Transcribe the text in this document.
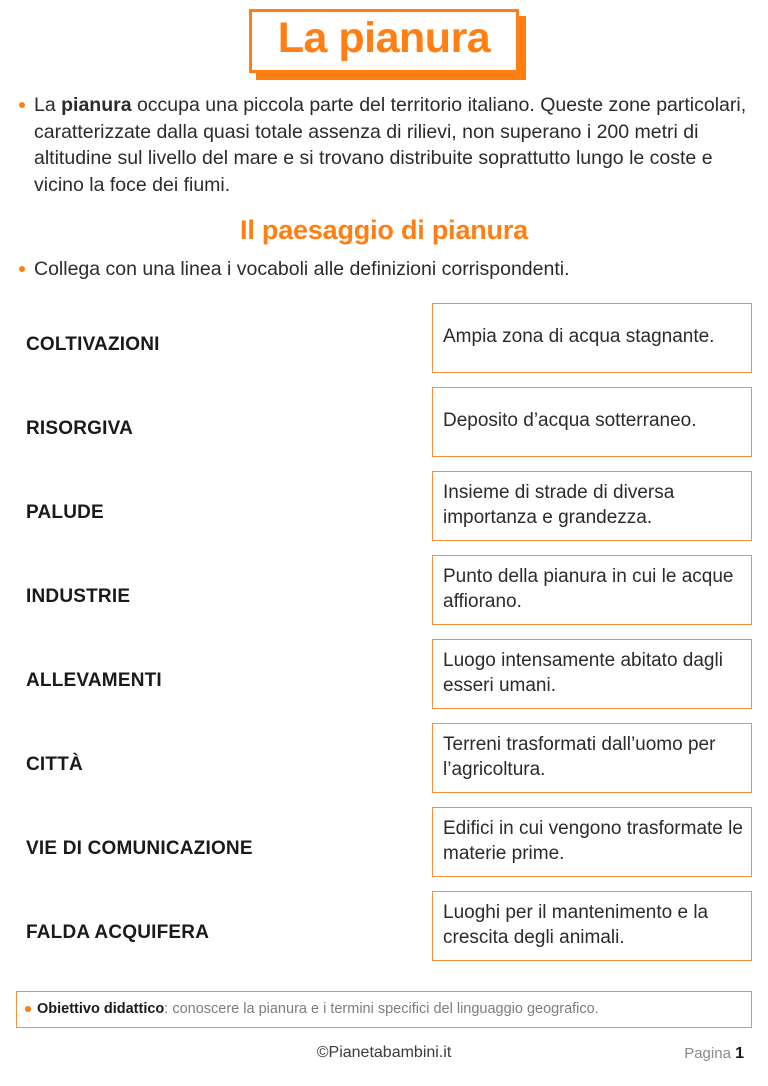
La pianura
La pianura occupa una piccola parte del territorio italiano. Queste zone particolari, caratterizzate dalla quasi totale assenza di rilievi, non superano i 200 metri di altitudine sul livello del mare e si trovano distribuite soprattutto lungo le coste e vicino la foce dei fiumi.
Il paesaggio di pianura
Collega con una linea i vocaboli alle definizioni corrispondenti.
COLTIVAZIONI
RISORGIVA
PALUDE
INDUSTRIE
ALLEVAMENTI
CITTÀ
VIE DI COMUNICAZIONE
FALDA ACQUIFERA
Ampia zona di acqua stagnante.
Deposito d’acqua sotterraneo.
Insieme di strade di diversa importanza e grandezza.
Punto della pianura in cui le acque affiorano.
Luogo intensamente abitato dagli esseri umani.
Terreni trasformati dall’uomo per l’agricoltura.
Edifici in cui vengono trasformate le materie prime.
Luoghi per il mantenimento e la crescita degli animali.
Obiettivo didattico: conoscere la pianura e i termini specifici del linguaggio geografico.
©Pianetabambini.it	Pagina 1
